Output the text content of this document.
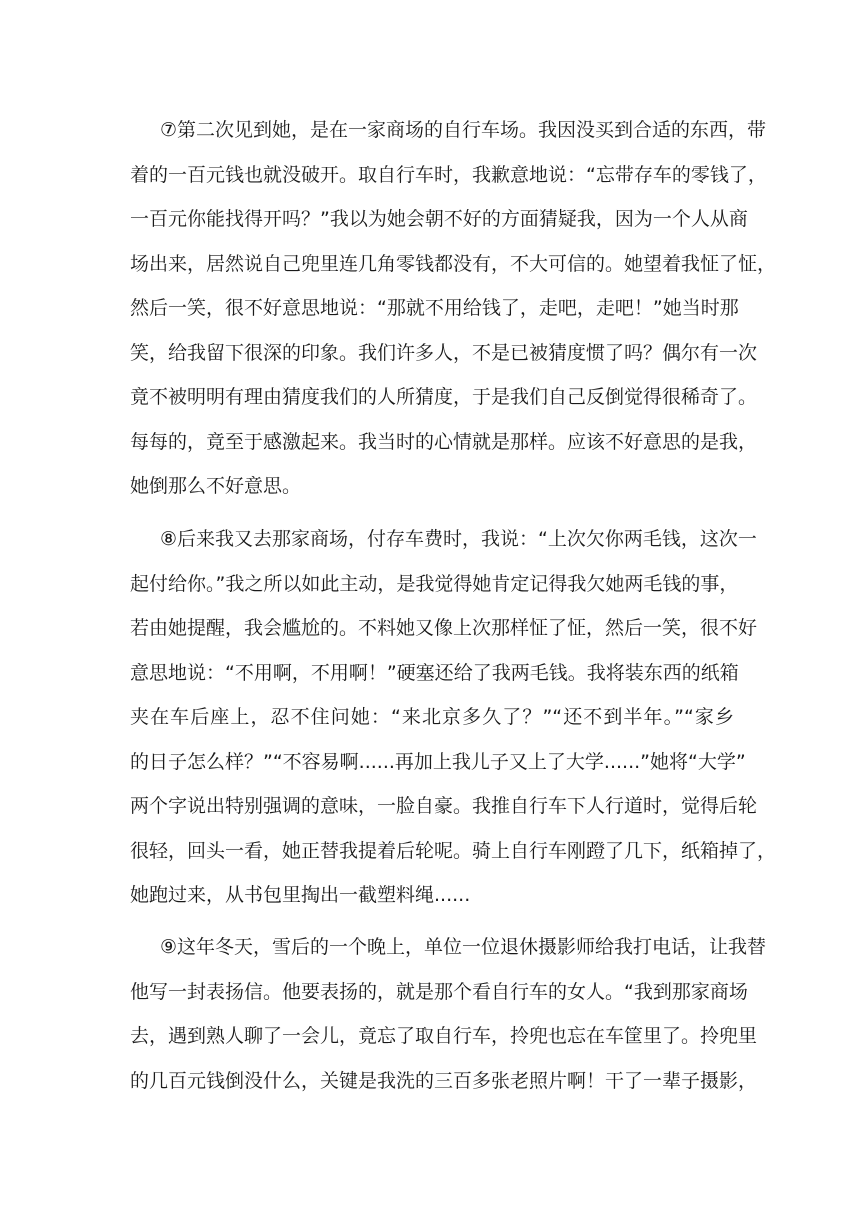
⑦第二次见到她，是在一家商场的自行车场。我因没买到合适的东西，带
着的一百元钱也就没破开。取自行车时，我歉意地说：“忘带存车的零钱了，
一百元你能找得开吗？”我以为她会朝不好的方面猜疑我，因为一个人从商
场出来，居然说自己兜里连几角零钱都没有，不大可信的。她望着我怔了怔，
然后一笑，很不好意思地说：“那就不用给钱了，走吧，走吧！”她当时那
笑，给我留下很深的印象。我们许多人，不是已被猜度惯了吗？偶尔有一次
竟不被明明有理由猜度我们的人所猜度，于是我们自己反倒觉得很稀奇了。
每每的，竟至于感激起来。我当时的心情就是那样。应该不好意思的是我，
她倒那么不好意思。
⑧后来我又去那家商场，付存车费时，我说：“上次欠你两毛钱，这次一
起付给你。”我之所以如此主动，是我觉得她肯定记得我欠她两毛钱的事，
若由她提醒，我会尴尬的。不料她又像上次那样怔了怔，然后一笑，很不好
意思地说：“不用啊，不用啊！”硬塞还给了我两毛钱。我将装东西的纸箱
夹在车后座上，忍不住问她：“来北京多久了？”“还不到半年。”“家乡
的日子怎么样？”“不容易啊......再加上我儿子又上了大学......”她将“大学”
两个字说出特别强调的意味，一脸自豪。我推自行车下人行道时，觉得后轮
很轻，回头一看，她正替我提着后轮呢。骑上自行车刚蹬了几下，纸箱掉了，
她跑过来，从书包里掏出一截塑料绳......
⑨这年冬天，雪后的一个晚上，单位一位退休摄影师给我打电话，让我替
他写一封表扬信。他要表扬的，就是那个看自行车的女人。“我到那家商场
去，遇到熟人聊了一会儿，竟忘了取自行车，拎兜也忘在车筐里了。拎兜里
的几百元钱倒没什么，关键是我洗的三百多张老照片啊！干了一辈子摄影，
